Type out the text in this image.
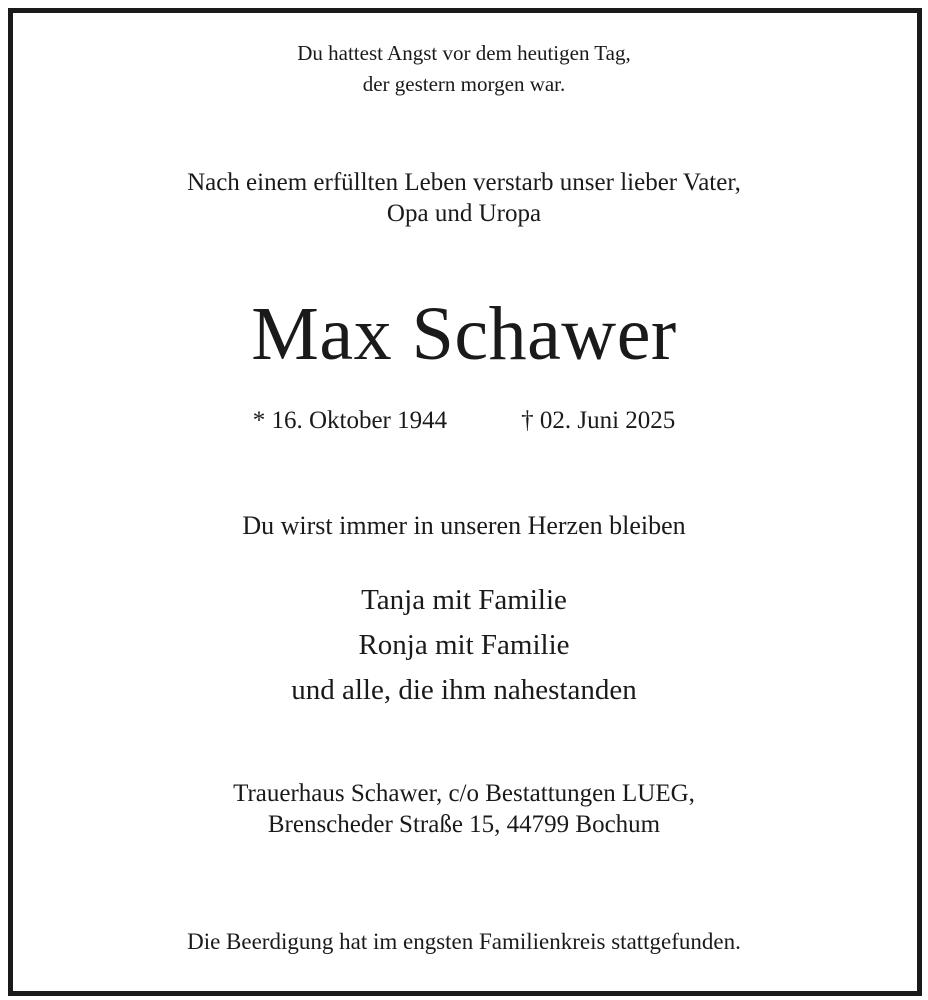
Du hattest Angst vor dem heutigen Tag,
der gestern morgen war.
Nach einem erfüllten Leben verstarb unser lieber Vater,
Opa und Uropa
Max Schawer
* 16. Oktober 1944	† 02. Juni 2025
Du wirst immer in unseren Herzen bleiben
Tanja mit Familie
Ronja mit Familie
und alle, die ihm nahestanden
Trauerhaus Schawer, c/o Bestattungen LUEG,
Brenscheder Straße 15, 44799 Bochum
Die Beerdigung hat im engsten Familienkreis stattgefunden.
